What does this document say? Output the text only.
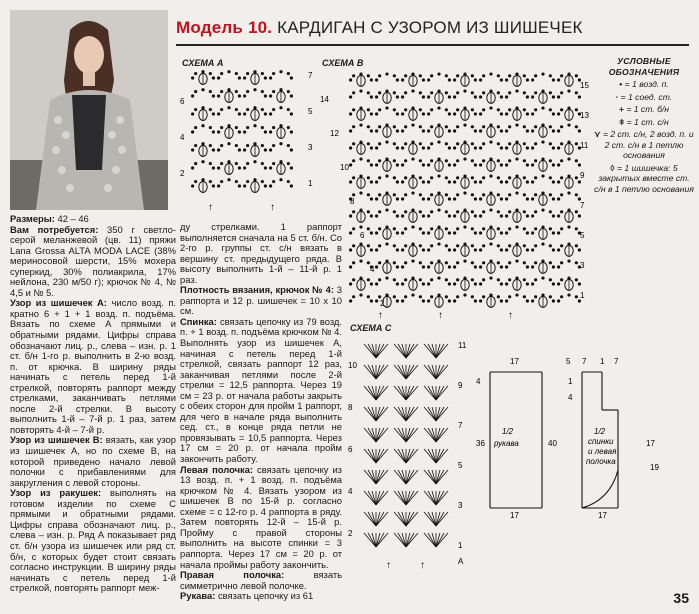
Модель 10. КАРДИГАН С УЗОРОМ ИЗ ШИШЕЧЕК

Размеры: 42 – 46

Вам потребуется: 350 г светло-серой меланжевой (цв. 11) пряжи Lana Grossa ALTA MODA LACE (38% мериносовой шерсти, 15% мохера суперкид, 30% полиакрила, 17% нейлона, 230 м/50 г); крючок № 4, № 4,5 и № 5.

Узор из шишечек А: число возд. п. кратно 6 + 1 + 1 возд. п. подъёма. Вязать по схеме А прямыми и обратными рядами. Цифры справа обозначают лиц. р., слева – изн. р. 1 ст. б/н 1-го р. выполнить в 2-ю возд. п. от крючка. В ширину ряды начинать с петель перед 1-й стрелкой, повторять раппорт между стрелками, заканчивать петлями после 2-й стрелки. В высоту выполнить 1-й – 7-й р. 1 раз, затем повторять 4-й – 7-й р.

Узор из шишечек В: вязать, как узор из шишечек А, но по схеме В, на которой приведено начало левой полочки с прибавлениями для закругления с левой стороны.

Узор из ракушек: выполнять на готовом изделии по схеме С прямыми и обратными рядами. Цифры справа обозначают лиц. р., слева – изн. р. Ряд А показывает ряд ст. б/н узора из шишечек или ряд ст. б/н, с которых будет стоит связать согласно инструкции. В ширину ряды начинать с петель перед 1-й стрелкой, повторять раппорт меж-

ду стрелками. 1 раппорт выполняется сначала на 5 ст. б/н. Со 2-го р. группы ст. с/н вязать в вершину ст. предыдущего ряда. В высоту выполнить 1-й – 11-й р. 1 раз.

Плотность вязания, крючок № 4: 3 раппорта и 12 р. шишечек = 10 х 10 см.

Спинка: связать цепочку из 79 возд. п. + 1 возд. п. подъёма крючком № 4. Выполнять узор из шишечек А, начиная с петель перед 1-й стрелкой, связать раппорт 12 раз, заканчивая петлями после 2-й стрелки = 12,5 раппорта. Через 19 см = 23 р. от начала работы закрыть с обеих сторон для пройм 1 раппорт, для чего в начале ряда выполнить сед. ст., в конце ряда петли не провязывать = 10,5 раппорта. Через 17 см = 20 р. от начала пройм закончить работу.

Левая полочка: связать цепочку из 13 возд. п. + 1 возд. п. подъёма крючком № 4. Вязать узором из шишечек В по 15-й р. согласно схеме = с 12-го р. 4 раппорта в ряду. Затем повторять 12-й – 15-й р. Пройму с правой стороны выполнить на высоте спинки = 3 раппорта. Через 17 см = 20 р. от начала проймы работу закончить.

Правая полочка: вязать симметрично левой полочке.

Рукава: связать цепочку из 61

СХЕМА А
6
4
2
7
5
3
1
↑	↑
СХЕМА В
14
12
10
8
6
4
2
15
13
11
9
7
5
3
1
↑	↑	↑
СХЕМА С
10
8
6
4
2
11
9
7
5
3
1
А
↑	↑
УСЛОВНЫЕ ОБОЗНАЧЕНИЯ
• = 1 возд. п.
∙ = 1 соед. ст.
+ = 1 ст. б/н
ǂ = 1 ст. с/н
⋎ = 2 ст. с/н, 2 возд. п. и 2 ст. с/н в 1 петлю основания
◊ = 1 шишечка: 5 закрытых вместе ст. с/н в 1 петлю основания
1/2
рукава
17
4
36	40
17
1/2
спинки
и левая
полочка
5 7 1 7
17
19
1
4
17
35
